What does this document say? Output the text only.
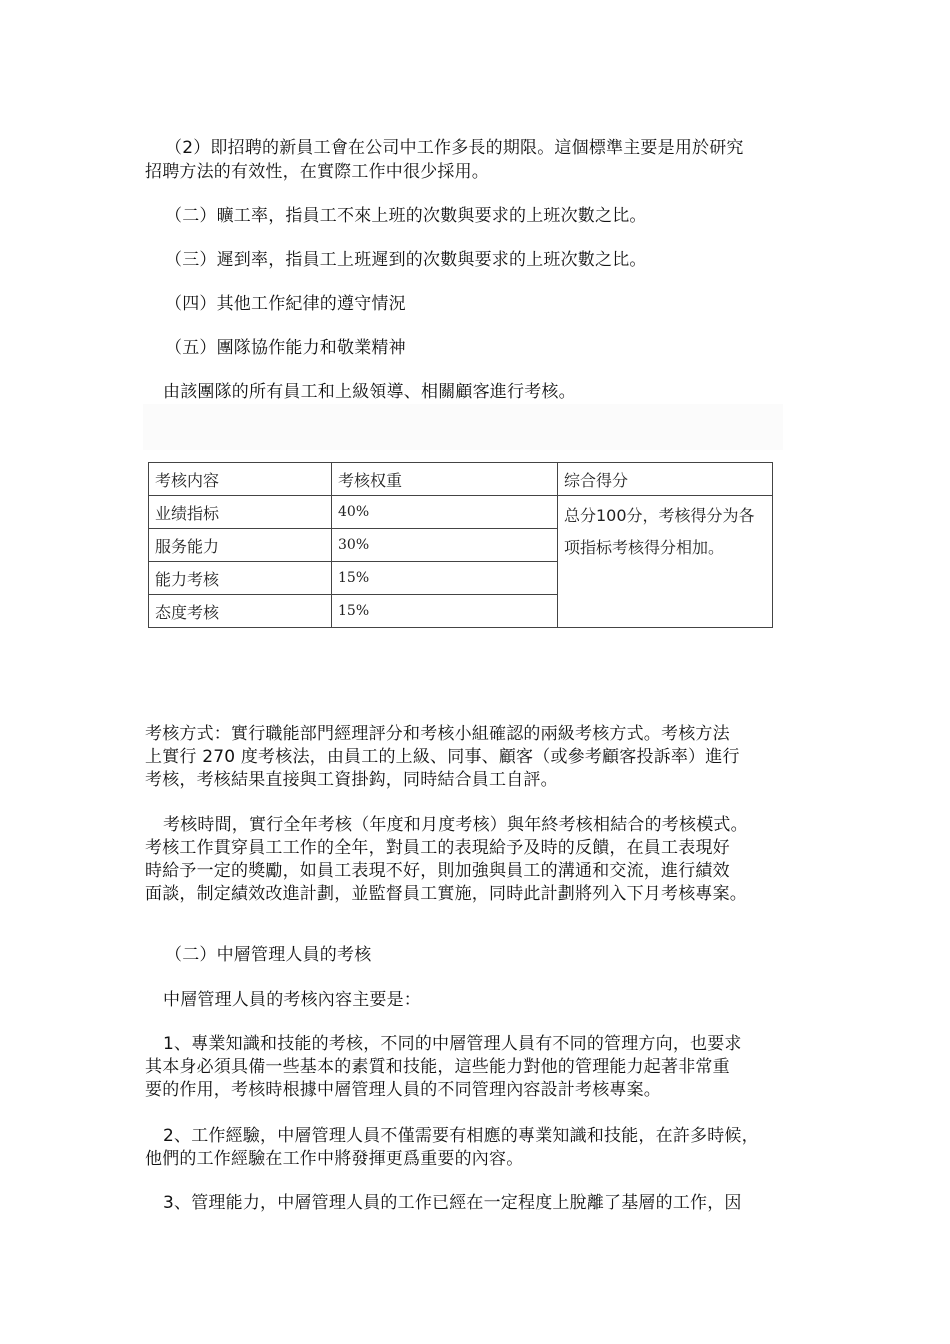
（2）即招聘的新員工會在公司中工作多長的期限。這個標準主要是用於研究
招聘方法的有效性，在實際工作中很少採用。
（二）曠工率，指員工不來上班的次數與要求的上班次數之比。
（三）遲到率，指員工上班遲到的次數與要求的上班次數之比。
（四）其他工作紀律的遵守情況
（五）團隊協作能力和敬業精神
由該團隊的所有員工和上級領導、相關顧客進行考核。
考核内容	考核权重	综合得分
业绩指标	40%	总分100分，考核得分为各
项指标考核得分相加。

服务能力	30%	
能力考核	15%	
态度考核	15%	
考核方式：實行職能部門經理評分和考核小組確認的兩級考核方式。考核方法
上實行 270 度考核法，由員工的上級、同事、顧客（或參考顧客投訴率）進行
考核，考核結果直接與工資掛鈎，同時結合員工自評。
考核時間，實行全年考核（年度和月度考核）與年終考核相結合的考核模式。
考核工作貫穿員工工作的全年，對員工的表現給予及時的反饋，在員工表現好
時給予一定的獎勵，如員工表現不好，則加強與員工的溝通和交流，進行績效
面談，制定績效改進計劃，並監督員工實施，同時此計劃將列入下月考核專案。
（二）中層管理人員的考核
中層管理人員的考核內容主要是：
1、專業知識和技能的考核，不同的中層管理人員有不同的管理方向，也要求
其本身必須具備一些基本的素質和技能，這些能力對他的管理能力起著非常重
要的作用，考核時根據中層管理人員的不同管理內容設計考核專案。
2、工作經驗，中層管理人員不僅需要有相應的專業知識和技能，在許多時候，
他們的工作經驗在工作中將發揮更爲重要的內容。
3、管理能力，中層管理人員的工作已經在一定程度上脫離了基層的工作，因
